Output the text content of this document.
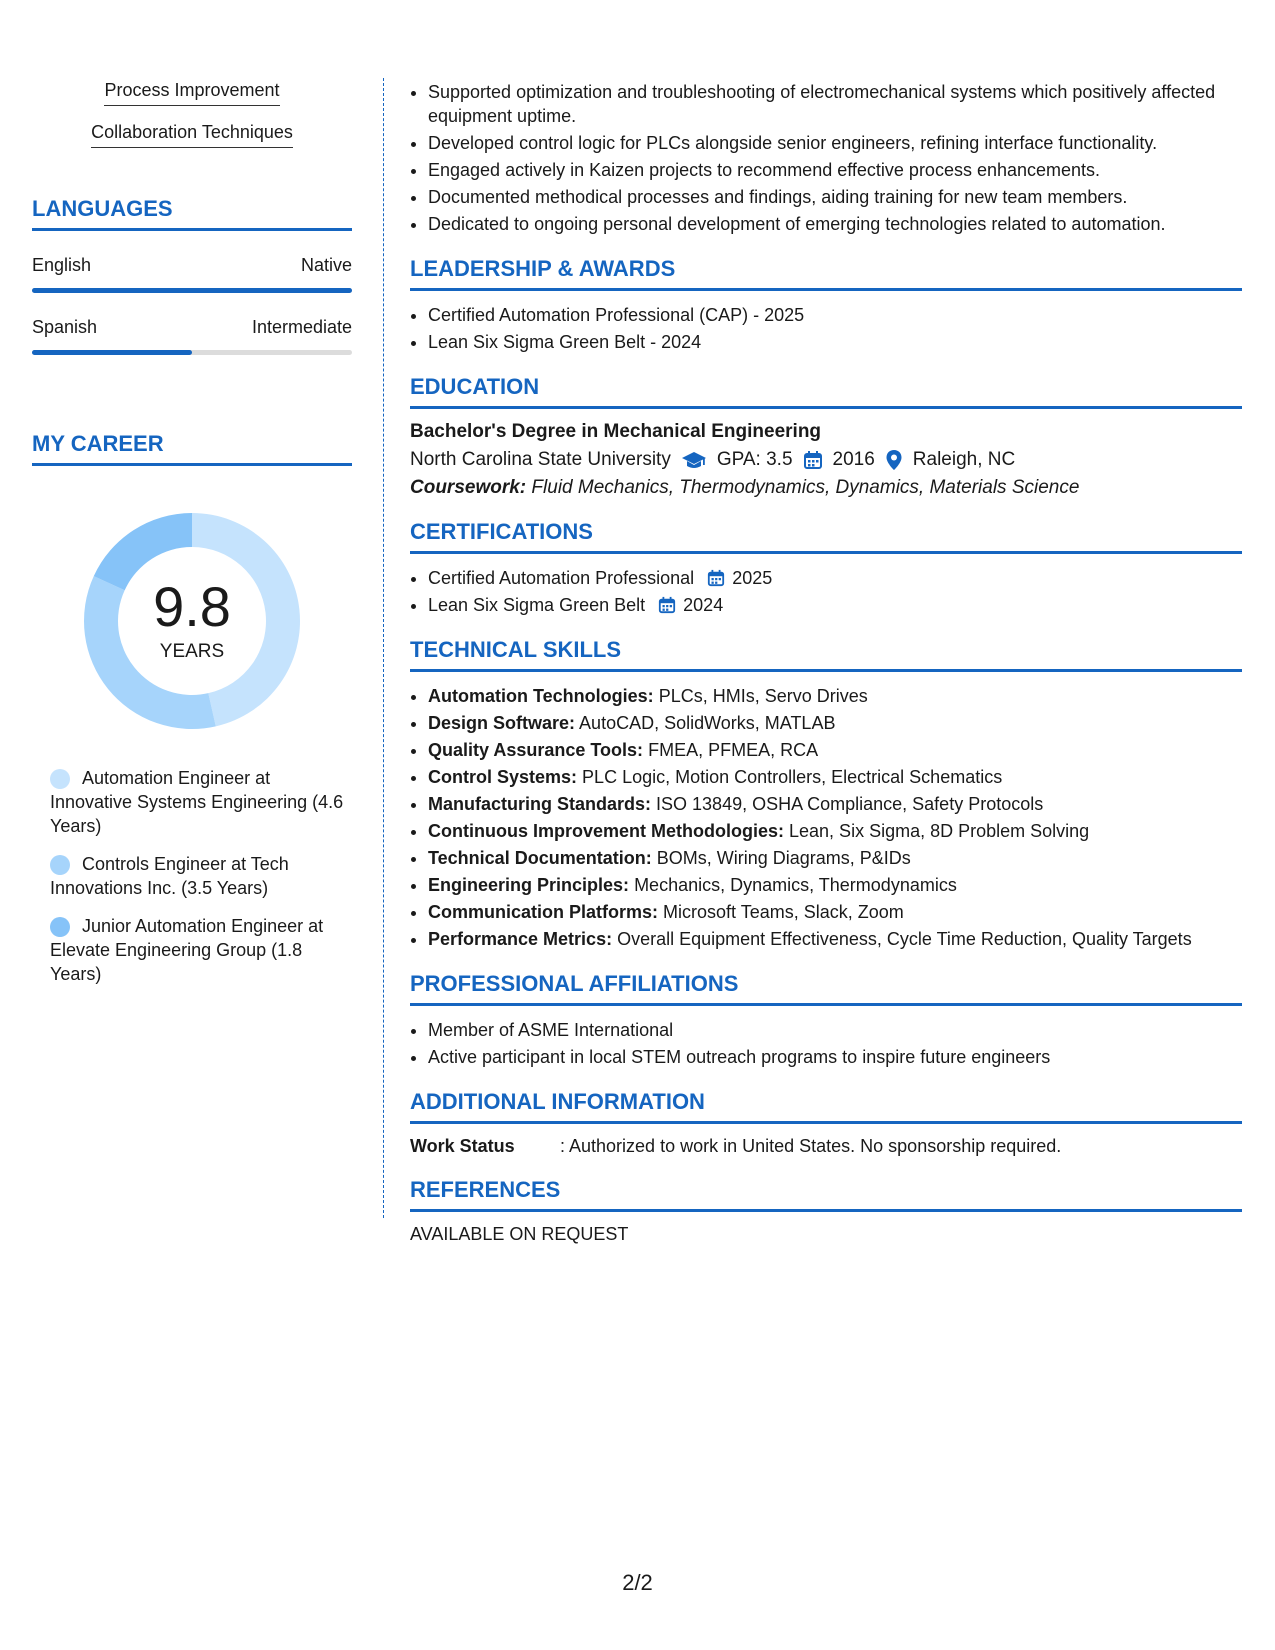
Process Improvement
Collaboration Techniques
LANGUAGES
English	Native
Spanish	Intermediate
MY CAREER
9.8
YEARS
Automation Engineer at Innovative Systems Engineering (4.6 Years)
Controls Engineer at Tech Innovations Inc. (3.5 Years)
Junior Automation Engineer at Elevate Engineering Group (1.8 Years)
• Supported optimization and troubleshooting of electromechanical systems which positively affected equipment uptime.
• Developed control logic for PLCs alongside senior engineers, refining interface functionality.
• Engaged actively in Kaizen projects to recommend effective process enhancements.
• Documented methodical processes and findings, aiding training for new team members.
• Dedicated to ongoing personal development of emerging technologies related to automation.
LEADERSHIP & AWARDS
• Certified Automation Professional (CAP) - 2025
• Lean Six Sigma Green Belt - 2024
EDUCATION
Bachelor's Degree in Mechanical Engineering
North Carolina State University GPA: 3.5 2016 Raleigh, NC
Coursework: Fluid Mechanics, Thermodynamics, Dynamics, Materials Science
CERTIFICATIONS
• Certified Automation Professional 2025
• Lean Six Sigma Green Belt 2024
TECHNICAL SKILLS
• Automation Technologies: PLCs, HMIs, Servo Drives
• Design Software: AutoCAD, SolidWorks, MATLAB
• Quality Assurance Tools: FMEA, PFMEA, RCA
• Control Systems: PLC Logic, Motion Controllers, Electrical Schematics
• Manufacturing Standards: ISO 13849, OSHA Compliance, Safety Protocols
• Continuous Improvement Methodologies: Lean, Six Sigma, 8D Problem Solving
• Technical Documentation: BOMs, Wiring Diagrams, P&IDs
• Engineering Principles: Mechanics, Dynamics, Thermodynamics
• Communication Platforms: Microsoft Teams, Slack, Zoom
• Performance Metrics: Overall Equipment Effectiveness, Cycle Time Reduction, Quality Targets
PROFESSIONAL AFFILIATIONS
• Member of ASME International
• Active participant in local STEM outreach programs to inspire future engineers
ADDITIONAL INFORMATION
Work Status	: Authorized to work in United States. No sponsorship required.
REFERENCES
AVAILABLE ON REQUEST
2/2
